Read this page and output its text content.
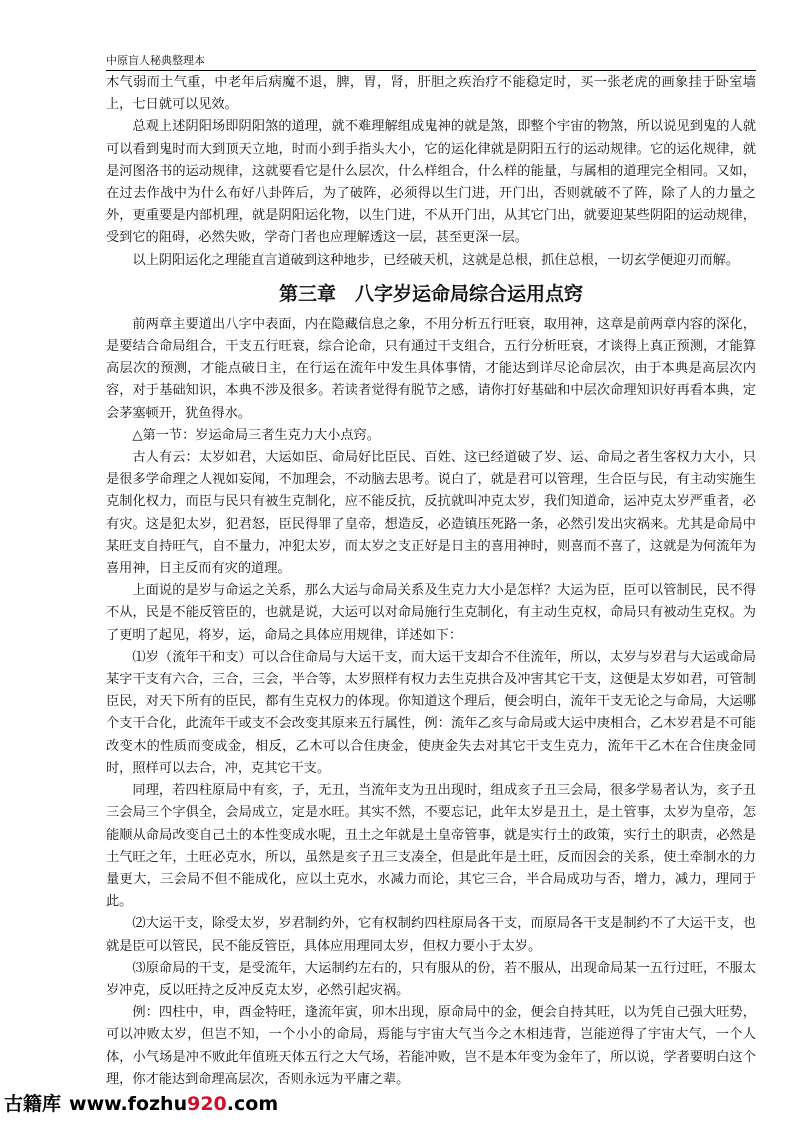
中原盲人秘典整理本

木气弱而土气重，中老年后病魔不退，脾，胃，肾，肝胆之疾治疗不能稳定时，买一张老虎的画象挂于卧室墙上，七日就可以见效。

总观上述阴阳场即阴阳煞的道理，就不难理解组成鬼神的就是煞，即整个宇宙的物煞，所以说见到鬼的人就可以看到鬼时而大到顶天立地，时而小到手指头大小，它的运化律就是阴阳五行的运动规律。它的运化规律，就是河图洛书的运动规律，这就要看它是什么层次，什么样组合，什么样的能量，与属相的道理完全相同。又如，在过去作战中为什么布好八卦阵后，为了破阵，必须得以生门进，开门出，否则就破不了阵，除了人的力量之外，更重要是内部机理，就是阴阳运化物，以生门进，不从开门出，从其它门出，就要迎某些阴阳的运动规律，受到它的阻碍，必然失败，学奇门者也应理解透这一层，甚至更深一层。

以上阴阳运化之理能直言道破到这种地步，已经破天机，这就是总根，抓住总根，一切玄学便迎刃而解。

第三章　八字岁运命局综合运用点窍

前两章主要道出八字中表面，内在隐藏信息之象，不用分析五行旺衰，取用神，这章是前两章内容的深化，是要结合命局组合，干支五行旺衰，综合论命，只有通过干支组合，五行分析旺衰，才谈得上真正预测，才能算高层次的预测，才能点破日主，在行运在流年中发生具体事情，才能达到详尽论命层次，由于本典是高层次内容，对于基础知识，本典不涉及很多。若读者觉得有脱节之感，请你打好基础和中层次命理知识好再看本典，定会茅塞顿开，犹鱼得水。

△第一节：岁运命局三者生克力大小点窍。

古人有云：太岁如君，大运如臣、命局好比臣民、百姓、这已经道破了岁、运、命局之者生客权力大小，只是很多学命理之人视如妄闻，不加理会，不动脑去思考。说白了，就是君可以管理，生合臣与民，有主动实施生克制化权力，而臣与民只有被生克制化，应不能反抗，反抗就叫冲克太岁，我们知道命，运冲克太岁严重者，必有灾。这是犯太岁，犯君怒，臣民得罪了皇帝，想造反，必造镇压死路一条，必然引发出灾祸来。尤其是命局中某旺支自持旺气，自不量力，冲犯太岁，而太岁之支正好是日主的喜用神时，则喜而不喜了，这就是为何流年为喜用神，日主反而有灾的道理。

上面说的是岁与命运之关系，那么大运与命局关系及生克力大小是怎样？大运为臣，臣可以管制民，民不得不从，民是不能反管臣的，也就是说，大运可以对命局施行生克制化，有主动生克权，命局只有被动生克权。为了更明了起见，将岁，运，命局之具体应用规律，详述如下：

⑴岁（流年干和支）可以合住命局与大运干支，而大运干支却合不住流年，所以，太岁与岁君与大运或命局某字干支有六合，三合，三会，半合等，太岁照样有权力去生克拱合及冲害其它干支，这便是太岁如君，可管制臣民，对天下所有的臣民，都有生克权力的体现。你知道这个理后，便会明白，流年干支无论之与命局，大运哪个支干合化，此流年干或支不会改变其原来五行属性，例：流年乙亥与命局或大运中庚相合，乙木岁君是不可能改变木的性质而变成金，相反，乙木可以合住庚金，使庚金失去对其它干支生克力，流年干乙木在合住庚金同时，照样可以去合，冲，克其它干支。

同理，若四柱原局中有亥，子，无丑，当流年支为丑出现时，组成亥子丑三会局，很多学易者认为，亥子丑三会局三个字俱全，会局成立，定是水旺。其实不然，不要忘记，此年太岁是丑土，是土管事，太岁为皇帝，怎能顺从命局改变自己土的本性变成水呢，丑土之年就是土皇帝管事，就是实行土的政策，实行土的职责，必然是土气旺之年，土旺必克水，所以，虽然是亥子丑三支凑全，但是此年是土旺，反而因会的关系，使土牵制水的力量更大，三会局不但不能成化，应以土克水，水减力而论，其它三合，半合局成功与否，增力，减力，理同于此。

⑵大运干支，除受太岁，岁君制约外，它有权制约四柱原局各干支，而原局各干支是制约不了大运干支，也就是臣可以管民，民不能反管臣，具体应用理同太岁，但权力要小于太岁。

⑶原命局的干支，是受流年，大运制约左右的，只有服从的份，若不服从，出现命局某一五行过旺，不服太岁冲克，反以旺持之反冲反克太岁，必然引起灾祸。

例：四柱中，申，酉金特旺，逢流年寅，卯木出现，原命局中的金，便会自持其旺，以为凭自己强大旺势，可以冲败太岁，但岂不知，一个小小的命局，焉能与宇宙大气当今之木相违背，岂能逆得了宇宙大气，一个人体，小气场是冲不败此年值班天体五行之大气场，若能冲败，岂不是本年变为金年了，所以说，学者要明白这个理，你才能达到命理高层次，否则永远为平庸之辈。

古籍库 www.fozhu920.com
